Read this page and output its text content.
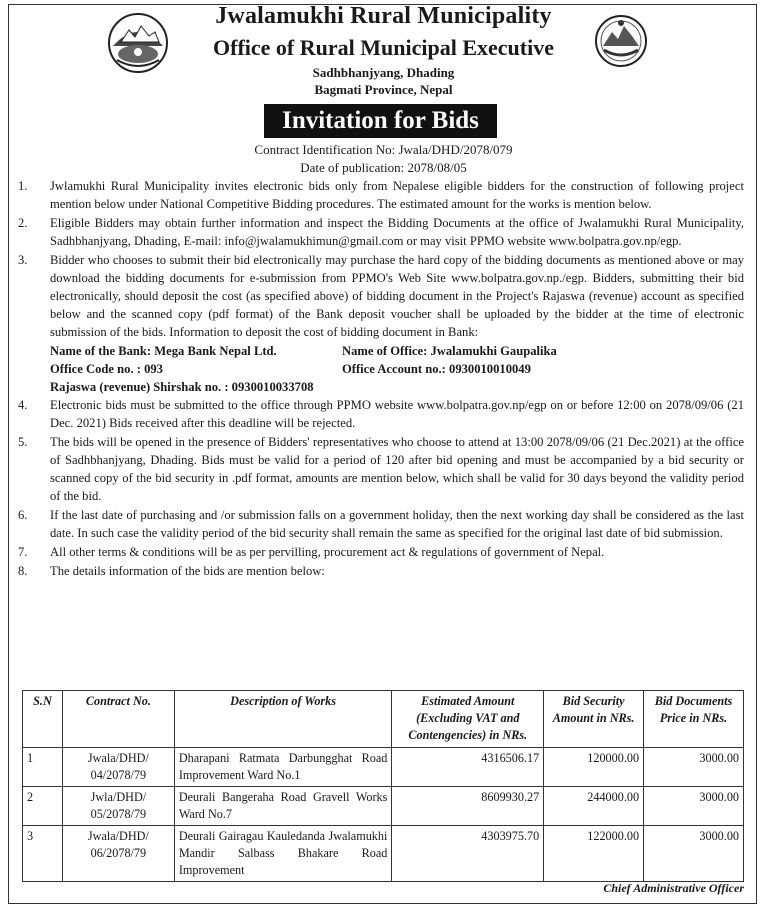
Jwalamukhi Rural Municipality
Office of Rural Municipal Executive
Sadhbhanjyang, Dhading
Bagmati Province, Nepal
Invitation for Bids
Contract Identification No: Jwala/DHD/2078/079
Date of publication: 2078/08/05
1.	Jwlamukhi Rural Municipality invites electronic bids only from Nepalese eligible bidders for the construction of following project mention below under National Competitive Bidding procedures. The estimated amount for the works is mention below.
2.	Eligible Bidders may obtain further information and inspect the Bidding Documents at the office of Jwalamukhi Rural Municipality, Sadhbhanjyang, Dhading, E-mail: info@jwalamukhimun@gmail.com or may visit PPMO website www.bolpatra.gov.np/egp.
3.	Bidder who chooses to submit their bid electronically may purchase the hard copy of the bidding documents as mentioned above or may download the bidding documents for e-submission from PPMO's Web Site www.bolpatra.gov.np./egp. Bidders, submitting their bid electronically, should deposit the cost (as specified above) of bidding document in the Project's Rajaswa (revenue) account as specified below and the scanned copy (pdf format) of the Bank deposit voucher shall be uploaded by the bidder at the time of electronic submission of the bids. Information to deposit the cost of bidding document in Bank:
Name of the Bank: Mega Bank Nepal Ltd.	Name of Office: Jwalamukhi Gaupalika
Office Code no. : 093	Office Account no.: 0930010010049
Rajaswa (revenue) Shirshak no. : 0930010033708
4.	Electronic bids must be submitted to the office through PPMO website www.bolpatra.gov.np/egp on or before 12:00 on 2078/09/06 (21 Dec. 2021) Bids received after this deadline will be rejected.
5.	The bids will be opened in the presence of Bidders' representatives who choose to attend at 13:00 2078/09/06 (21 Dec.2021) at the office of Sadhbhanjyang, Dhading. Bids must be valid for a period of 120 after bid opening and must be accompanied by a bid security or scanned copy of the bid security in .pdf format, amounts are mention below, which shall be valid for 30 days beyond the validity period of the bid.
6.	If the last date of purchasing and /or submission falls on a government holiday, then the next working day shall be considered as the last date. In such case the validity period of the bid security shall remain the same as specified for the original last date of bid submission.
7.	All other terms & conditions will be as per pervilling, procurement act & regulations of government of Nepal.
8.	The details information of the bids are mention below:
S.N	Contract No.	Description of Works	Estimated Amount (Excluding VAT and Contengencies) in NRs.	Bid Security Amount in NRs.	Bid Documents Price in NRs.
1	Jwala/DHD/ 04/2078/79	Dharapani Ratmata Darbungghat Road Improvement Ward No.1	4316506.17	120000.00	3000.00
2	Jwla/DHD/ 05/2078/79	Deurali Bangeraha Road Gravell Works Ward No.7	8609930.27	244000.00	3000.00
3	Jwala/DHD/ 06/2078/79	Deurali Gairagau Kauledanda Jwalamukhi Mandir Salbass Bhakare Road Improvement	4303975.70	122000.00	3000.00
Chief Administrative Officer
